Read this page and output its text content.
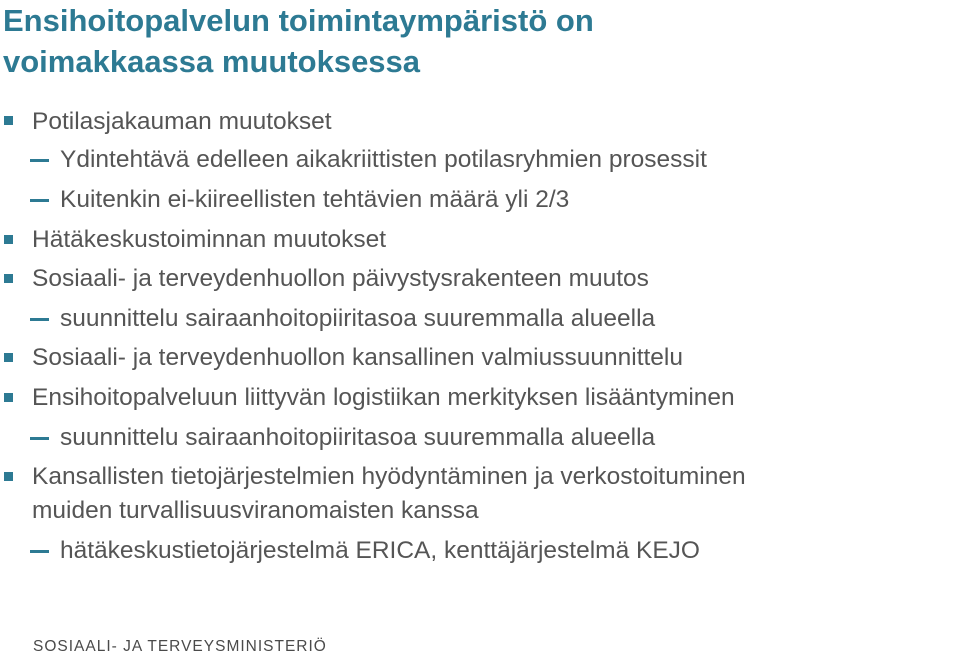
Ensihoitopalvelun toimintaympäristö on
voimakkaassa muutoksessa
Potilasjakauman muutokset
Ydintehtävä edelleen aikakriittisten potilasryhmien prosessit
Kuitenkin ei-kiireellisten tehtävien määrä yli 2/3
Hätäkeskustoiminnan muutokset
Sosiaali- ja terveydenhuollon päivystysrakenteen muutos
suunnittelu sairaanhoitopiiritasoa suuremmalla alueella
Sosiaali- ja terveydenhuollon kansallinen valmiussuunnittelu
Ensihoitopalveluun liittyvän logistiikan merkityksen lisääntyminen
suunnittelu sairaanhoitopiiritasoa suuremmalla alueella
Kansallisten tietojärjestelmien hyödyntäminen ja verkostoituminen
muiden turvallisuusviranomaisten kanssa
hätäkeskustietojärjestelmä ERICA, kenttäjärjestelmä KEJO
SOSIAALI- JA TERVEYSMINISTERIÖ
